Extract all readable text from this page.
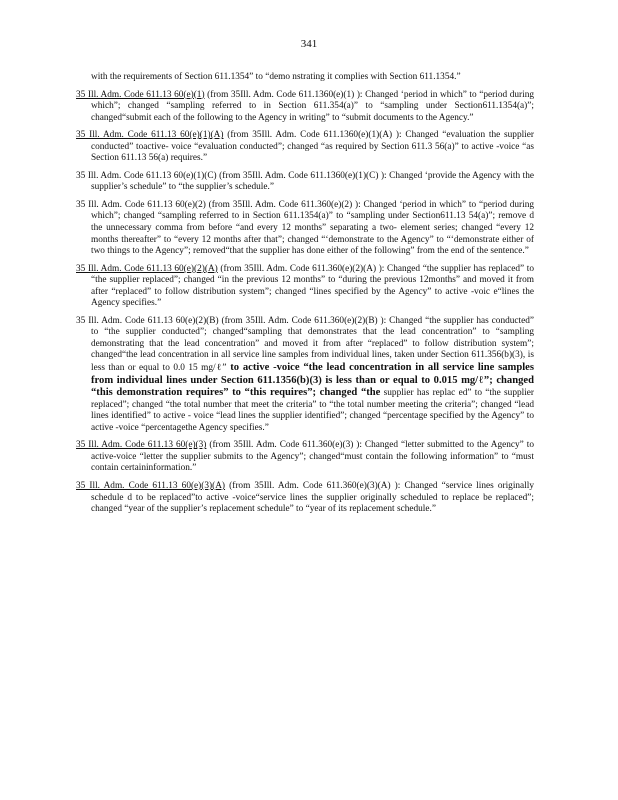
341

with the requirements of Section 611.1354” to “demo nstrating it complies with Section 611.1354.”

35 Ill. Adm. Code 611.13 60(e)(1) (from 35Ill. Adm. Code 611.1360(e)(1) ): Changed ‘period in which” to “period during which”; changed “sampling referred to in Section 611.354(a)” to “sampling under Section611.1354(a)”; changed“submit each of the following to the Agency in writing” to “submit documents to the Agency.”

35 Ill. Adm. Code 611.13 60(e)(1)(A) (from 35Ill. Adm. Code 611.1360(e)(1)(A) ): Changed “evaluation the supplier conducted” toactive- voice “evaluation conducted”; changed “as required by Section 611.3 56(a)” to active -voice “as Section 611.13 56(a) requires.”

35 Ill. Adm. Code 611.13 60(e)(1)(C) (from 35Ill. Adm. Code 611.1360(e)(1)(C) ): Changed ‘provide the Agency with the supplier’s schedule” to “the supplier’s schedule.”

35 Ill. Adm. Code 611.13 60(e)(2) (from 35Ill. Adm. Code 611.360(e)(2) ): Changed ‘period in which” to “period during which”; changed “sampling referred to in Section 611.1354(a)” to “sampling under Section611.13 54(a)”; remove d the unnecessary comma from before “and every 12 months” separating a two- element series; changed “every 12 months thereafter” to “every 12 months after that”; changed “‘demonstrate to the Agency” to “‘demonstrate either of two things to the Agency”; removed“that the supplier has done either of the following” from the end of the sentence.”

35 Ill. Adm. Code 611.13 60(e)(2)(A) (from 35Ill. Adm. Code 611.360(e)(2)(A) ): Changed “the supplier has replaced” to “the supplier replaced”; changed “in the previous 12 months” to “during the previous 12months” and moved it from after “replaced” to follow distribution system”; changed “lines specified by the Agency” to active -voic e“lines the Agency specifies.”

35 Ill. Adm. Code 611.13 60(e)(2)(B) (from 35Ill. Adm. Code 611.360(e)(2)(B) ): Changed “the supplier has conducted” to “the supplier conducted”; changed“sampling that demonstrates that the lead concentration” to “sampling demonstrating that the lead concentration” and moved it from after “replaced” to follow distribution system”; changed“the lead concentration in all service line samples from individual lines, taken under Section 611.356(b)(3), is less than or equal to 0.0 15 mg/ℓ” to active -voice “the lead concentration in all service line samples from individual lines under Section 611.1356(b)(3) is less than or equal to 0.015 mg/ℓ”; changed “this demonstration requires” to “this requires”; changed “the supplier has replac ed” to “the supplier replaced”; changed “the total number that meet the criteria” to “the total number meeting the criteria”; changed “lead lines identified” to active - voice “lead lines the supplier identified”; changed “percentage specified by the Agency” to active -voice “percentagethe Agency specifies.”

35 Ill. Adm. Code 611.13 60(e)(3) (from 35Ill. Adm. Code 611.360(e)(3) ): Changed “letter submitted to the Agency” to active-voice “letter the supplier submits to the Agency”; changed“must contain the following information” to “must contain certaininformation.”

35 Ill. Adm. Code 611.13 60(e)(3)(A) (from 35Ill. Adm. Code 611.360(e)(3)(A) ): Changed “service lines originally schedule d to be replaced”to active -voice“service lines the supplier originally scheduled to replace be replaced”; changed “year of the supplier’s replacement schedule” to “year of its replacement schedule.”
